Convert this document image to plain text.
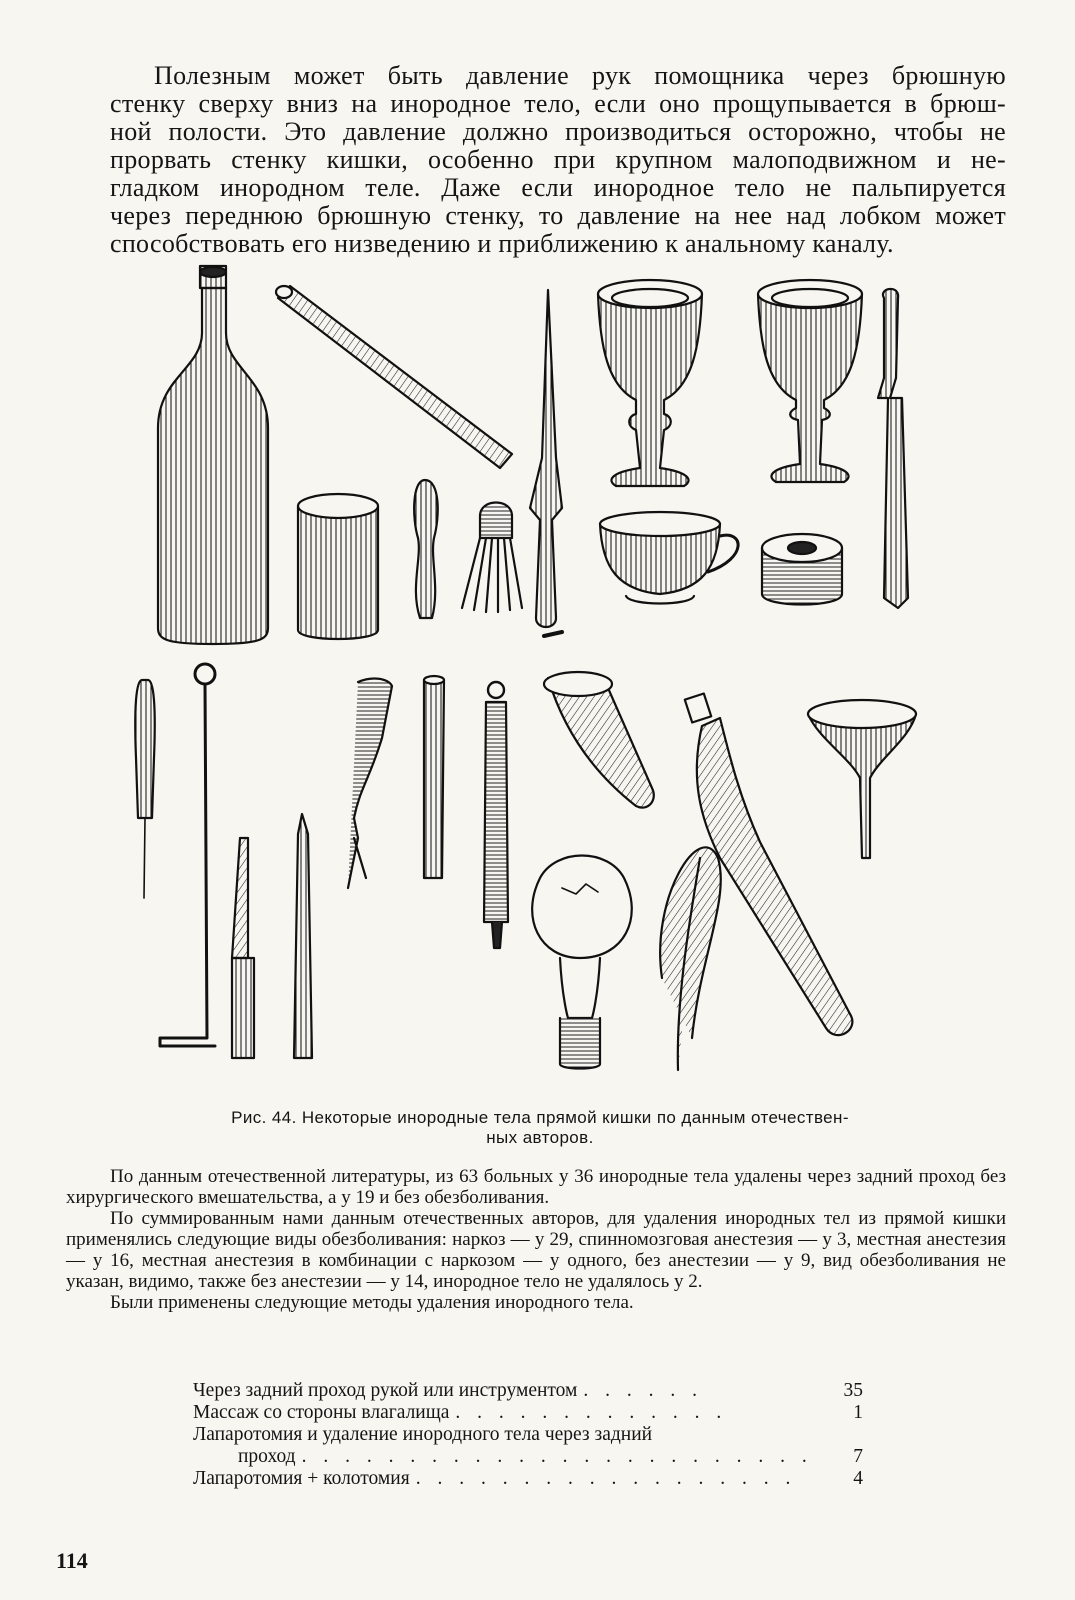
Полезным может быть давление рук помощника через брюшную
стенку сверху вниз на инородное тело, если оно прощупывается в брюш-
ной полости. Это давление должно производиться осторожно, чтобы не
прорвать стенку кишки, особенно при крупном малоподвижном и не-
гладком инородном теле. Даже если инородное тело не пальпируется
через переднюю брюшную стенку, то давление на нее над лобком может
способствовать его низведению и приближению к анальному каналу.
Рис. 44. Некоторые инородные тела прямой кишки по данным отечествен-
ных авторов.

По данным отечественной литературы, из 63 больных у 36 инородные тела удалены через задний проход без хирургического вмешательства, а у 19 и без обезболивания.

По суммированным нами данным отечественных авторов, для удаления инородных тел из прямой кишки применялись следующие виды обезболивания: наркоз — у 29, спинномозговая анестезия — у 3, местная анестезия — у 16, местная анестезия в комбинации с наркозом — у одного, без анестезии — у 9, вид обезболивания не указан, видимо, также без анестезии — у 14, инородное тело не удалялось у 2.

Были применены следующие методы удаления инородного тела.

Через задний проход рукой или инструментом . . . . . .	35
Массаж со стороны влагалища . . . . . . . . . . . . .	1
Лапаротомия и удаление инородного тела через задний
проход . . . . . . . . . . . . . . . . . . . . . . . .	7
Лапаротомия + колотомия . . . . . . . . . . . . . . . . . .	4
114
